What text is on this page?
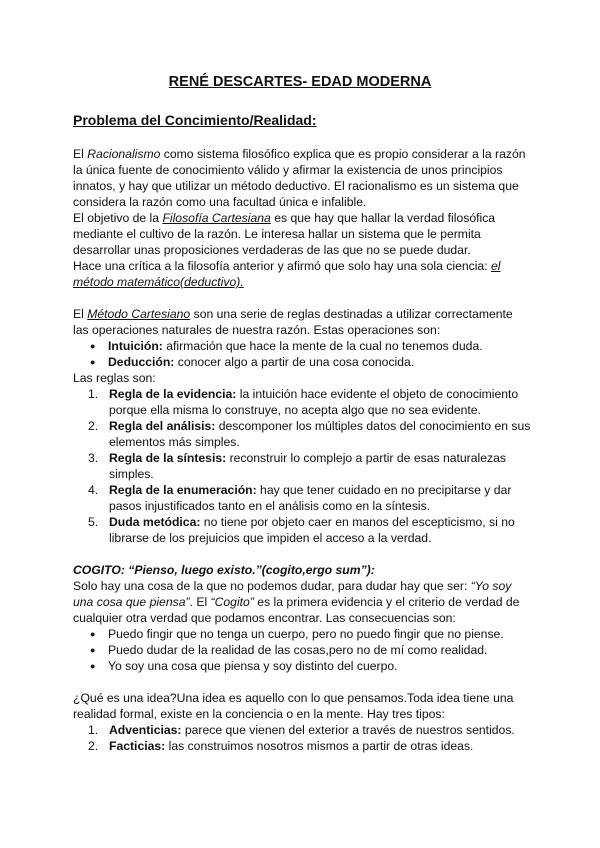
RENÉ DESCARTES- EDAD MODERNA
Problema del Concimiento/Realidad:
El Racionalismo como sistema filosófico explica que es propio considerar a la razón
la única fuente de conocimiento válido y afirmar la existencia de unos principios
innatos, y hay que utilizar un método deductivo. El racionalismo es un sistema que
considera la razón como una facultad única e infalible.
El objetivo de la Filosofía Cartesiana es que hay que hallar la verdad filosófica
mediante el cultivo de la razón. Le interesa hallar un sistema que le permita
desarrollar unas proposiciones verdaderas de las que no se puede dudar.
Hace una crítica a la filosofía anterior y afirmó que solo hay una sola ciencia: el
método matemático(deductivo).
El Método Cartesiano son una serie de reglas destinadas a utilizar correctamente
las operaciones naturales de nuestra razón. Estas operaciones son:
● Intuición: afirmación que hace la mente de la cual no tenemos duda.
● Deducción: conocer algo a partir de una cosa conocida.
Las reglas son:
1. Regla de la evidencia: la intuición hace evidente el objeto de conocimiento
porque ella misma lo construye, no acepta algo que no sea evidente.
2. Regla del análisis: descomponer los múltiples datos del conocimiento en sus
elementos más simples.
3. Regla de la síntesis: reconstruir lo complejo a partir de esas naturalezas
simples.
4. Regla de la enumeración: hay que tener cuidado en no precipitarse y dar
pasos injustificados tanto en el análisis como en la síntesis.
5. Duda metódica: no tiene por objeto caer en manos del escepticismo, si no
librarse de los prejuicios que impiden el acceso a la verdad.
COGITO: “Pienso, luego existo.”(cogito,ergo sum”):
Solo hay una cosa de la que no podemos dudar, para dudar hay que ser: “Yo soy
una cosa que piensa”. El “Cogito” es la primera evidencia y el criterio de verdad de
cualquier otra verdad que podamos encontrar. Las consecuencias son:
● Puedo fingir que no tenga un cuerpo, pero no puedo fingir que no piense.
● Puedo dudar de la realidad de las cosas,pero no de mí como realidad.
● Yo soy una cosa que piensa y soy distinto del cuerpo.
¿Qué es una idea?Una idea es aquello con lo que pensamos.Toda idea tiene una
realidad formal, existe en la conciencia o en la mente. Hay tres tipos:
1. Adventicias: parece que vienen del exterior a través de nuestros sentidos.
2. Facticias: las construimos nosotros mismos a partir de otras ideas.
